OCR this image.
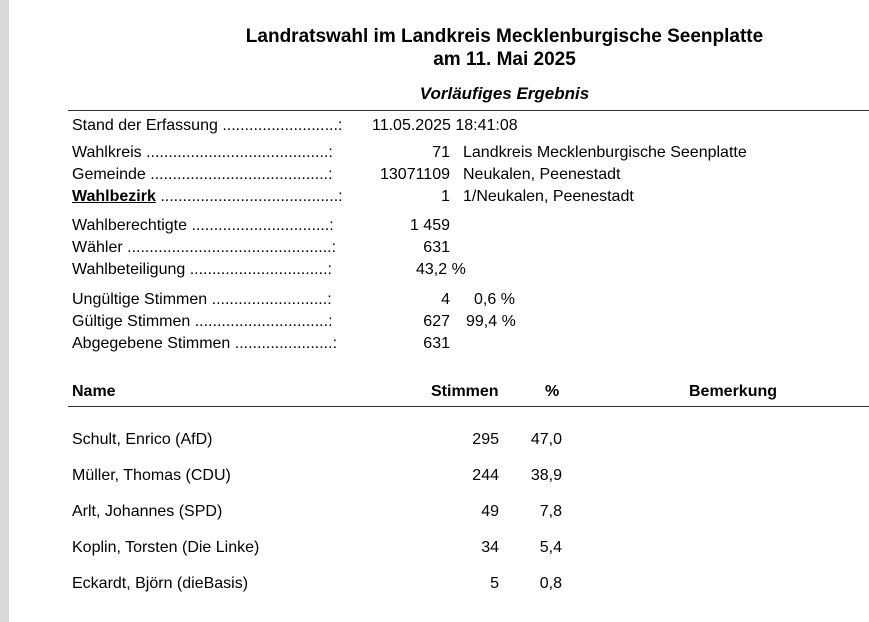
Landratswahl im Landkreis Mecklenburgische Seenplatte
am 11. Mai 2025
Vorläufiges Ergebnis
Stand der Erfassung ..........................:	11.05.2025 18:41:08
Wahlkreis .........................................:	71 Landkreis Mecklenburgische Seenplatte
Gemeinde ........................................:	13071109 Neukalen, Peenestadt
Wahlbezirk ........................................:	1 1/Neukalen, Peenestadt
Wahlberechtigte ...............................:	1 459
Wähler ..............................................:	631
Wahlbeteiligung ...............................:	43,2 %
Ungültige Stimmen ..........................:	4 0,6 %
Gültige Stimmen ..............................:	627 99,4 %
Abgegebene Stimmen ......................:	631
Name	Stimmen	%	Bemerkung
Schult, Enrico (AfD)	295	47,0
Müller, Thomas (CDU)	244	38,9
Arlt, Johannes (SPD)	49	7,8
Koplin, Torsten (Die Linke)	34	5,4
Eckardt, Björn (dieBasis)	5	0,8
